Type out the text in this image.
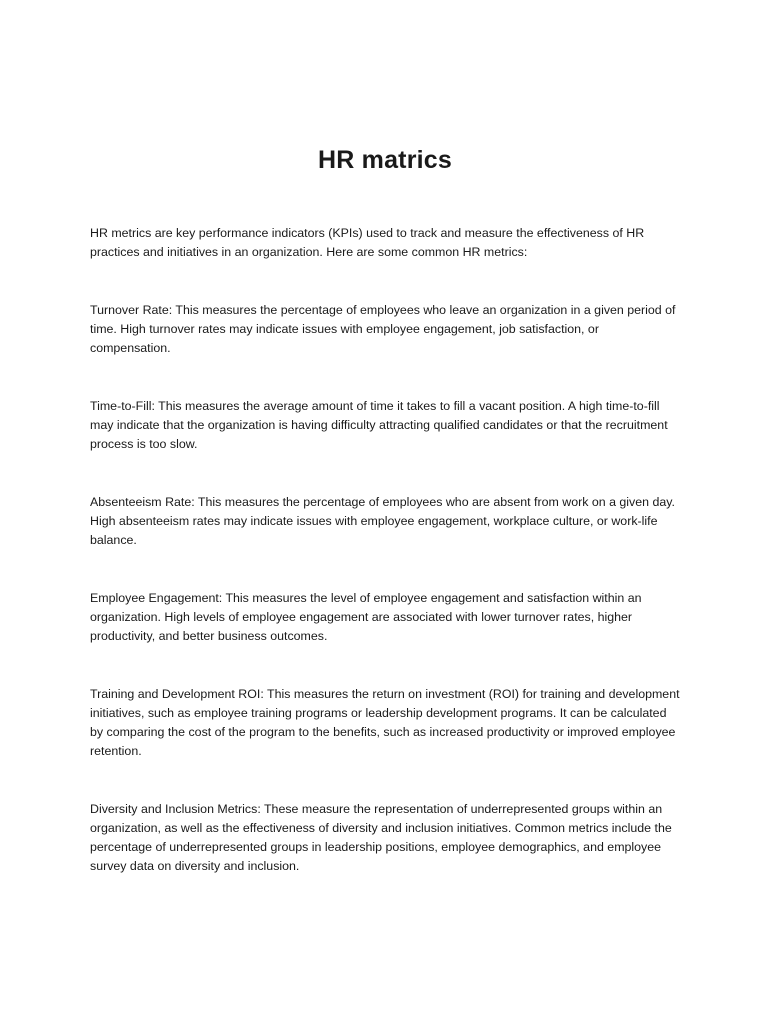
HR matrics

HR metrics are key performance indicators (KPIs) used to track and measure the effectiveness of HR practices and initiatives in an organization. Here are some common HR metrics:

Turnover Rate: This measures the percentage of employees who leave an organization in a given period of time. High turnover rates may indicate issues with employee engagement, job satisfaction, or compensation.

Time-to-Fill: This measures the average amount of time it takes to fill a vacant position. A high time-to-fill may indicate that the organization is having difficulty attracting qualified candidates or that the recruitment process is too slow.

Absenteeism Rate: This measures the percentage of employees who are absent from work on a given day. High absenteeism rates may indicate issues with employee engagement, workplace culture, or work-life balance.

Employee Engagement: This measures the level of employee engagement and satisfaction within an organization. High levels of employee engagement are associated with lower turnover rates, higher productivity, and better business outcomes.

Training and Development ROI: This measures the return on investment (ROI) for training and development initiatives, such as employee training programs or leadership development programs. It can be calculated by comparing the cost of the program to the benefits, such as increased productivity or improved employee retention.

Diversity and Inclusion Metrics: These measure the representation of underrepresented groups within an organization, as well as the effectiveness of diversity and inclusion initiatives. Common metrics include the percentage of underrepresented groups in leadership positions, employee demographics, and employee survey data on diversity and inclusion.
